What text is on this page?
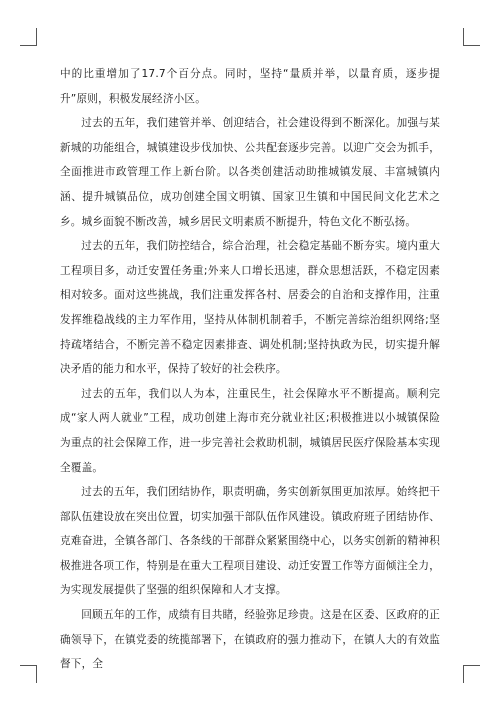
中的比重增加了17.7个百分点。同时，坚持“量质并举，以量育质，逐步提升”原则，积极发展经济小区。

过去的五年，我们建管并举、创迎结合，社会建设得到不断深化。加强与某新城的功能组合，城镇建设步伐加快、公共配套逐步完善。以迎广交会为抓手，全面推进市政管理工作上新台阶。以各类创建活动助推城镇发展、丰富城镇内涵、提升城镇品位，成功创建全国文明镇、国家卫生镇和中国民间文化艺术之乡。城乡面貌不断改善，城乡居民文明素质不断提升，特色文化不断弘扬。

过去的五年，我们防控结合，综合治理，社会稳定基础不断夯实。境内重大工程项目多，动迁安置任务重;外来人口增长迅速，群众思想活跃，不稳定因素相对较多。面对这些挑战，我们注重发挥各村、居委会的自治和支撑作用，注重发挥维稳战线的主力军作用，坚持从体制机制着手，不断完善综治组织网络;坚持疏堵结合，不断完善不稳定因素排查、调处机制;坚持执政为民，切实提升解决矛盾的能力和水平，保持了较好的社会秩序。

过去的五年，我们以人为本，注重民生，社会保障水平不断提高。顺利完成“家人两人就业”工程，成功创建上海市充分就业社区;积极推进以小城镇保险为重点的社会保障工作，进一步完善社会救助机制，城镇居民医疗保险基本实现全覆盖。

过去的五年，我们团结协作，职责明确，务实创新氛围更加浓厚。始终把干部队伍建设放在突出位置，切实加强干部队伍作风建设。镇政府班子团结协作、克难奋进，全镇各部门、各条线的干部群众紧紧围绕中心，以务实创新的精神积极推进各项工作，特别是在重大工程项目建设、动迁安置工作等方面倾注全力，为实现发展提供了坚强的组织保障和人才支撑。

回顾五年的工作，成绩有目共睹，经验弥足珍贵。这是在区委、区政府的正确领导下，在镇党委的统揽部署下，在镇政府的强力推动下，在镇人大的有效监督下，全
